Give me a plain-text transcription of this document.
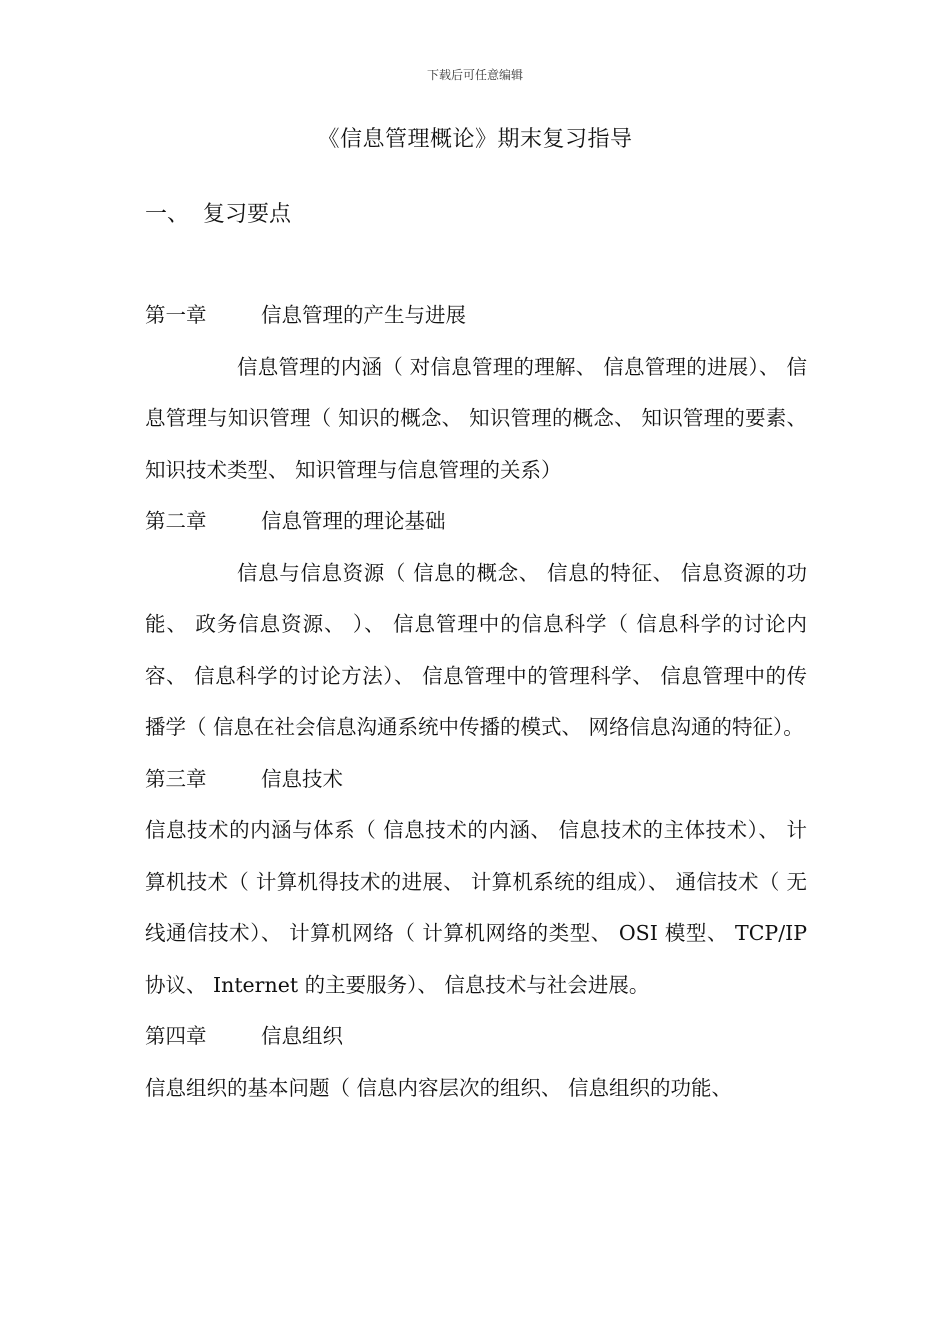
下载后可任意编辑
《信息管理概论》期末复习指导
一、 复习要点
第一章	信息管理的产生与进展
信息管理的内涵（ 对信息管理的理解、 信息管理的进展）、 信息管理与知识管理（ 知识的概念、 知识管理的概念、 知识管理的要素、 知识技术类型、 知识管理与信息管理的关系）
第二章	信息管理的理论基础
信息与信息资源（ 信息的概念、 信息的特征、 信息资源的功能、 政务信息资源、 ）、 信息管理中的信息科学（ 信息科学的讨论内容、 信息科学的讨论方法）、 信息管理中的管理科学、 信息管理中的传播学（ 信息在社会信息沟通系统中传播的模式、 网络信息沟通的特征）。
第三章	信息技术
信息技术的内涵与体系（ 信息技术的内涵、 信息技术的主体技术）、 计算机技术（ 计算机得技术的进展、 计算机系统的组成）、 通信技术（ 无线通信技术）、 计算机网络（ 计算机网络的类型、 OSI 模型、 TCP/IP 协议、 Internet 的主要服务）、 信息技术与社会进展。
第四章	信息组织
信息组织的基本问题（ 信息内容层次的组织、 信息组织的功能、
